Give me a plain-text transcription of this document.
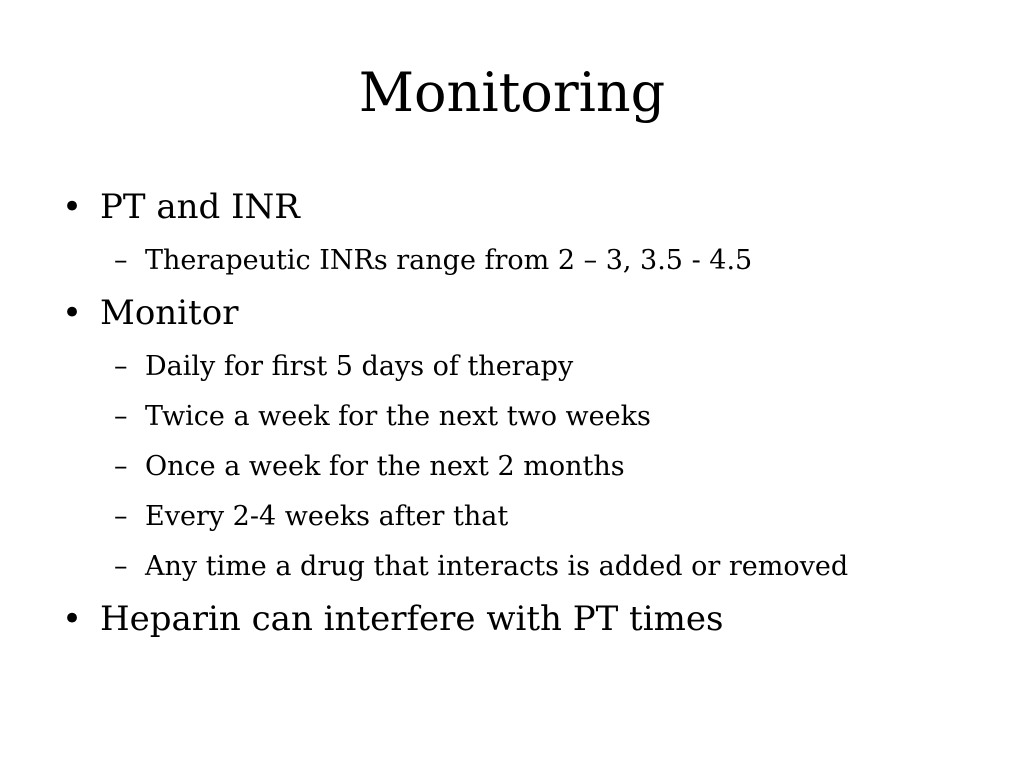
Monitoring

• PT and INR

– Therapeutic INRs range from 2 – 3, 3.5 - 4.5

• Monitor

– Daily for first 5 days of therapy

– Twice a week for the next two weeks

– Once a week for the next 2 months

– Every 2-4 weeks after that

– Any time a drug that interacts is added or removed

• Heparin can interfere with PT times
